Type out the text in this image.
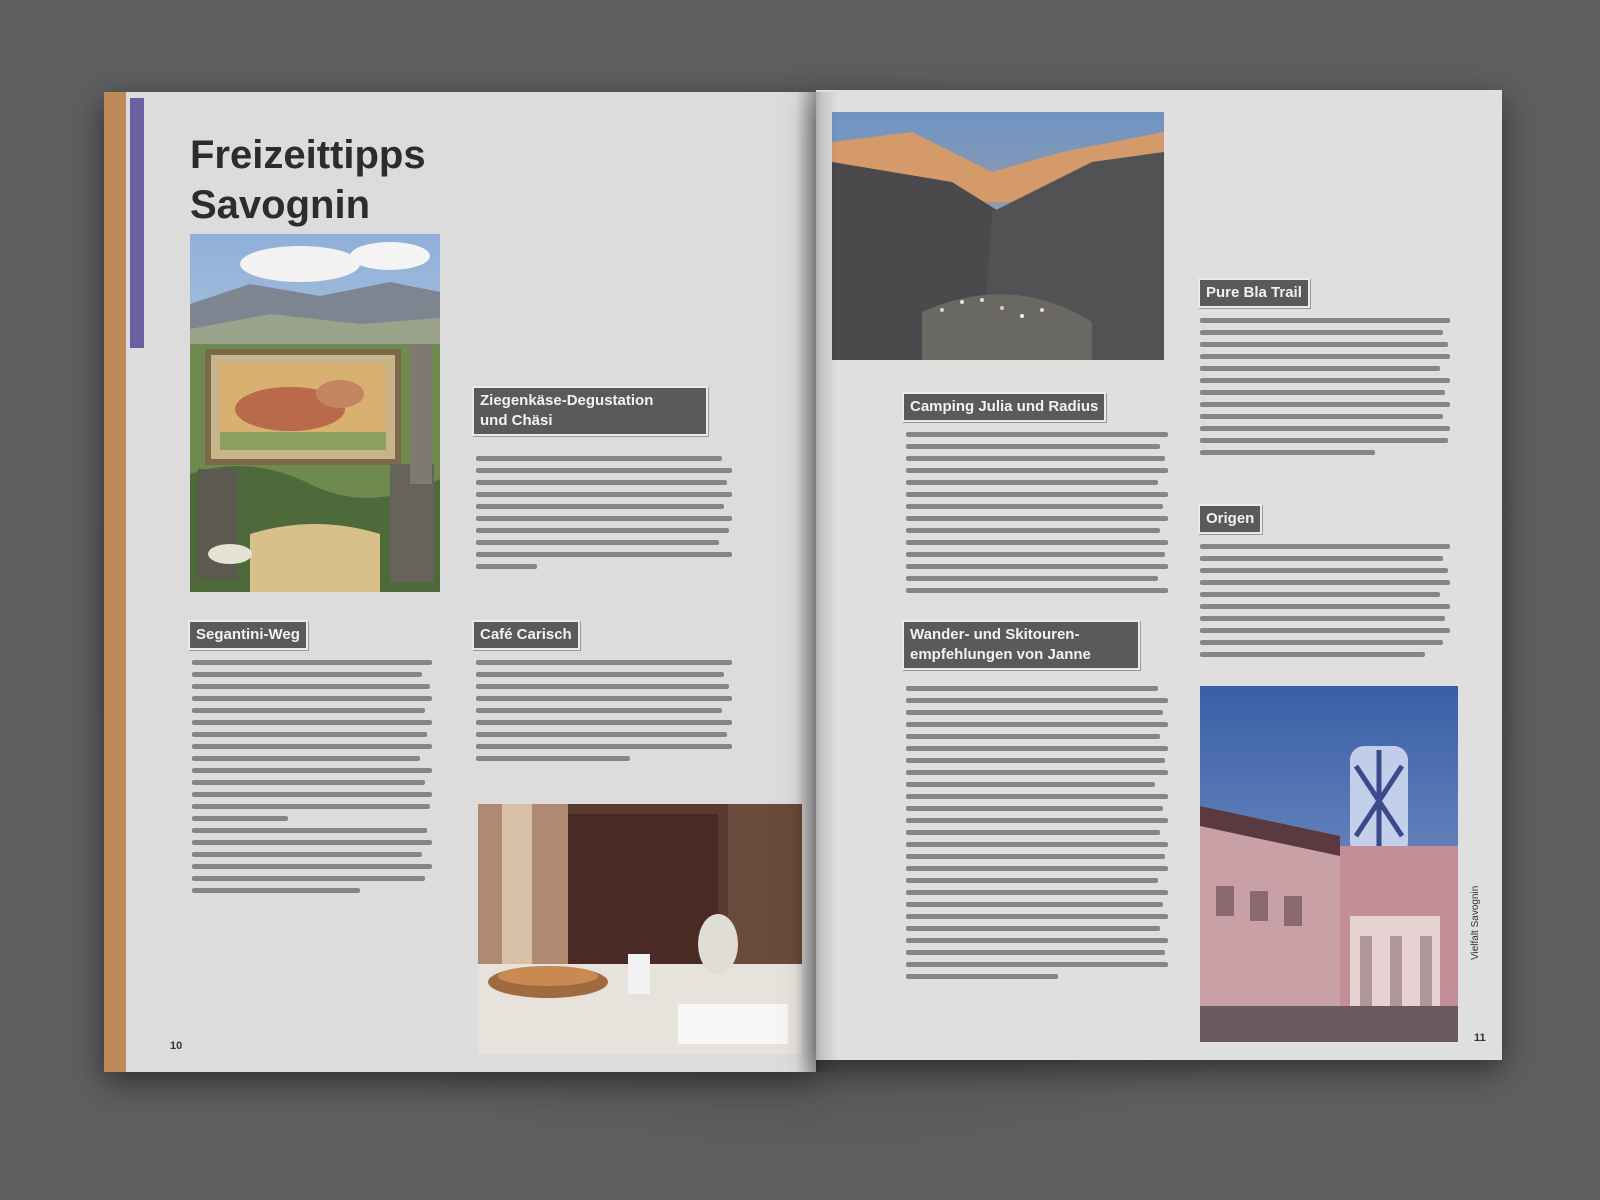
Freizeittipps
Savognin
Ziegenkäse-Degustation
und Chäsi
Segantini-Weg	Café Carisch
10
Camping Julia und Radius
Wander- und Skitouren-
empfehlungen von Janne
Pure Bla Trail
Origen
Vielfalt Savognin
11
